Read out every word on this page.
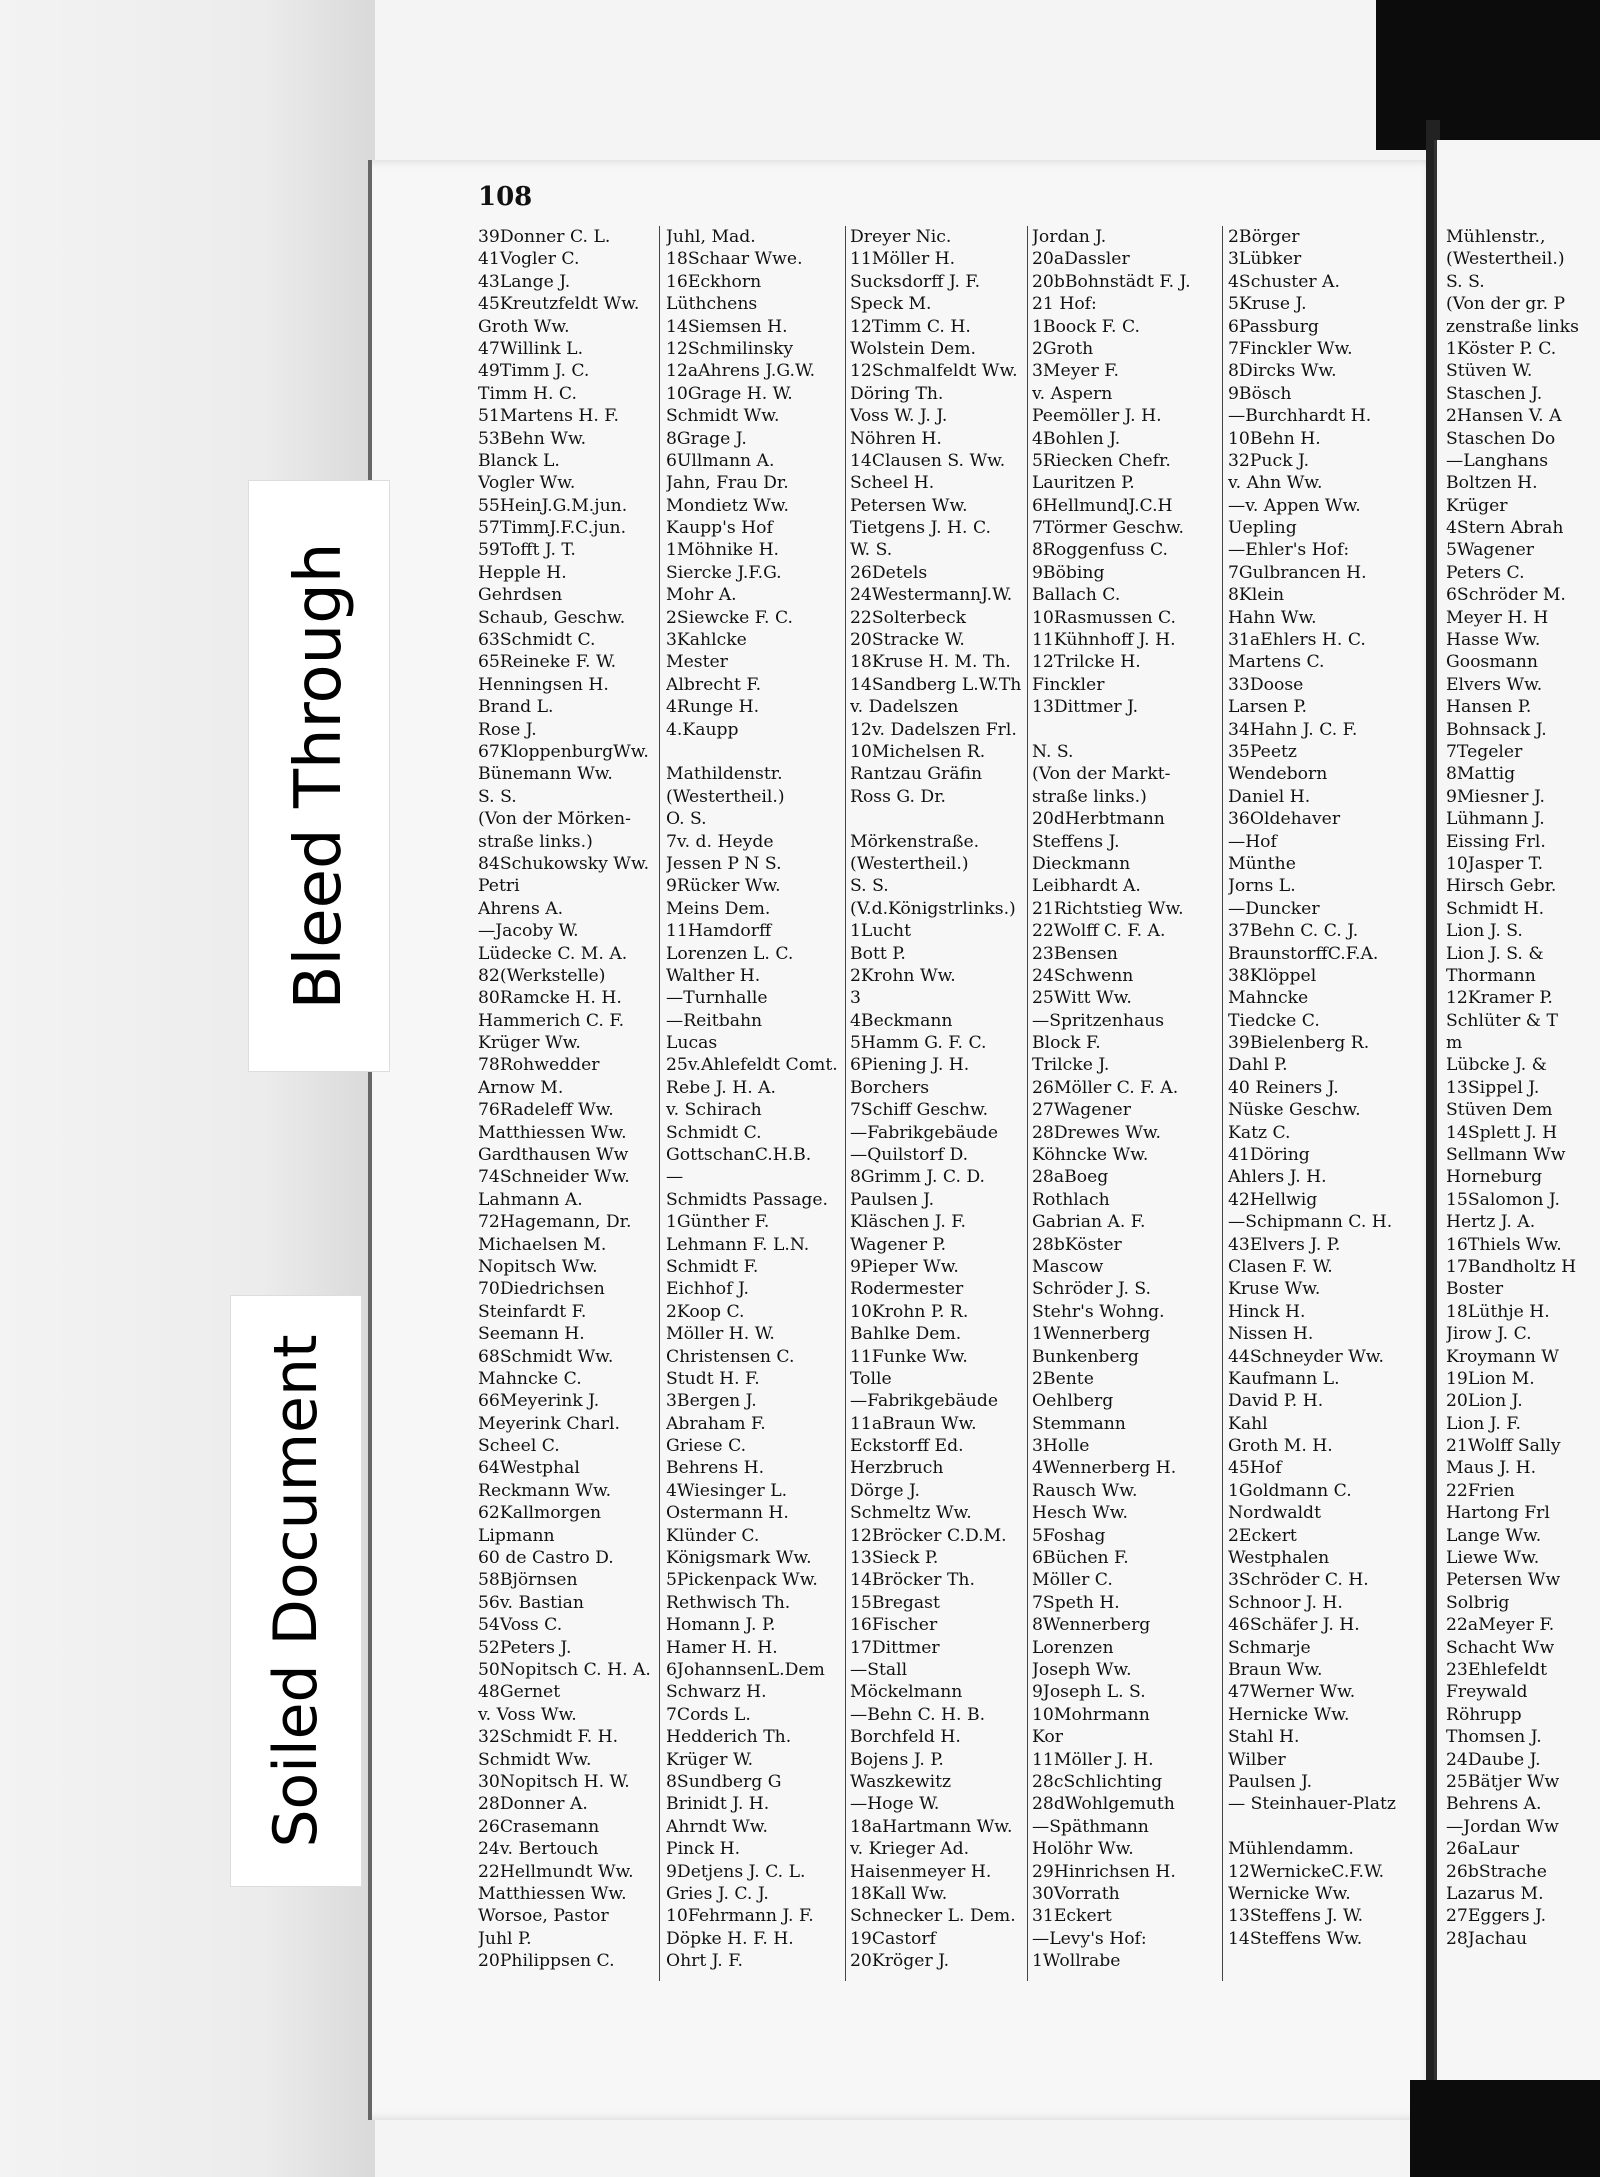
Bleed Through
Soiled Document
108
39Donner C. L.
41Vogler C.
43Lange J.
45Kreutzfeldt Ww.
Groth Ww.
47Willink L.
49Timm J. C.
Timm H. C.
51Martens H. F.
53Behn Ww.
Blanck L.
Vogler Ww.
55HeinJ.G.M.jun.
57TimmJ.F.C.jun.
59Tofft J. T.
Hepple H.
Gehrdsen
Schaub, Geschw.
63Schmidt C.
65Reineke F. W.
Henningsen H.
Brand L.
Rose J.
67KloppenburgWw.
Bünemann Ww.
S. S.
(Von der Mörken-
straße links.)
84Schukowsky Ww.
Petri
Ahrens A.
—Jacoby W.
Lüdecke C. M. A.
82(Werkstelle)
80Ramcke H. H.
Hammerich C. F.
Krüger Ww.
78Rohwedder
Arnow M.
76Radeleff Ww.
Matthiessen Ww.
Gardthausen Ww
74Schneider Ww.
Lahmann A.
72Hagemann, Dr.
Michaelsen M.
Nopitsch Ww.
70Diedrichsen
Steinfardt F.
Seemann H.
68Schmidt Ww.
Mahncke C.
66Meyerink J.
Meyerink Charl.
Scheel C.
64Westphal
Reckmann Ww.
62Kallmorgen
Lipmann
60 de Castro D.
58Björnsen
56v. Bastian
54Voss C.
52Peters J.
50Nopitsch C. H. A.
48Gernet
v. Voss Ww.
32Schmidt F. H.
Schmidt Ww.
30Nopitsch H. W.
28Donner A.
26Crasemann
24v. Bertouch
22Hellmundt Ww.
Matthiessen Ww.
Worsoe, Pastor
Juhl P.
20Philippsen C.
Juhl, Mad.
18Schaar Wwe.
16Eckhorn
Lüthchens
14Siemsen H.
12Schmilinsky
12aAhrens J.G.W.
10Grage H. W.
Schmidt Ww.
8Grage J.
6Ullmann A.
Jahn, Frau Dr.
Mondietz Ww.
Kaupp's Hof
1Möhnike H.
Siercke J.F.G.
Mohr A.
2Siewcke F. C.
3Kahlcke
Mester
Albrecht F.
4Runge H.
4.Kaupp
Mathildenstr.
(Westertheil.)
O. S.
7v. d. Heyde
Jessen P N S.
9Rücker Ww.
Meins Dem.
11Hamdorff
Lorenzen L. C.
Walther H.
—Turnhalle
—Reitbahn
Lucas
25v.Ahlefeldt Comt.
Rebe J. H. A.
v. Schirach
Schmidt C.
GottschanC.H.B.
—
Schmidts Passage.
1Günther F.
Lehmann F. L.N.
Schmidt F.
Eichhof J.
2Koop C.
Möller H. W.
Christensen C.
Studt H. F.
3Bergen J.
Abraham F.
Griese C.
Behrens H.
4Wiesinger L.
Ostermann H.
Klünder C.
Königsmark Ww.
5Pickenpack Ww.
Rethwisch Th.
Homann J. P.
Hamer H. H.
6JohannsenL.Dem
Schwarz H.
7Cords L.
Hedderich Th.
Krüger W.
8Sundberg G
Brinidt J. H.
Ahrndt Ww.
Pinck H.
9Detjens J. C. L.
Gries J. C. J.
10Fehrmann J. F.
Döpke H. F. H.
Ohrt J. F.
Dreyer Nic.
11Möller H.
Sucksdorff J. F.
Speck M.
12Timm C. H.
Wolstein Dem.
12Schmalfeldt Ww.
Döring Th.
Voss W. J. J.
Nöhren H.
14Clausen S. Ww.
Scheel H.
Petersen Ww.
Tietgens J. H. C.
W. S.
26Detels
24WestermannJ.W.
22Solterbeck
20Stracke W.
18Kruse H. M. Th.
14Sandberg L.W.Th
v. Dadelszen
12v. Dadelszen Frl.
10Michelsen R.
Rantzau Gräfin
Ross G. Dr.
Mörkenstraße.
(Westertheil.)
S. S.
(V.d.Königstrlinks.)
1Lucht
Bott P.
2Krohn Ww.
3
4Beckmann
5Hamm G. F. C.
6Piening J. H.
Borchers
7Schiff Geschw.
—Fabrikgebäude
—Quilstorf D.
8Grimm J. C. D.
Paulsen J.
Kläschen J. F.
Wagener P.
9Pieper Ww.
Rodermester
10Krohn P. R.
Bahlke Dem.
11Funke Ww.
Tolle
—Fabrikgebäude
11aBraun Ww.
Eckstorff Ed.
Herzbruch
Dörge J.
Schmeltz Ww.
12Bröcker C.D.M.
13Sieck P.
14Bröcker Th.
15Bregast
16Fischer
17Dittmer
—Stall
Möckelmann
—Behn C. H. B.
Borchfeld H.
Bojens J. P.
Waszkewitz
—Hoge W.
18aHartmann Ww.
v. Krieger Ad.
Haisenmeyer H.
18Kall Ww.
Schnecker L. Dem.
19Castorf
20Kröger J.
Jordan J.
20aDassler
20bBohnstädt F. J.
21 Hof:
1Boock F. C.
2Groth
3Meyer F.
v. Aspern
Peemöller J. H.
4Bohlen J.
5Riecken Chefr.
Lauritzen P.
6HellmundJ.C.H
7Törmer Geschw.
8Roggenfuss C.
9Böbing
Ballach C.
10Rasmussen C.
11Kühnhoff J. H.
12Trilcke H.
Finckler
13Dittmer J.
N. S.
(Von der Markt-
straße links.)
20dHerbtmann
Steffens J.
Dieckmann
Leibhardt A.
21Richtstieg Ww.
22Wolff C. F. A.
23Bensen
24Schwenn
25Witt Ww.
—Spritzenhaus
Block F.
Trilcke J.
26Möller C. F. A.
27Wagener
28Drewes Ww.
Köhncke Ww.
28aBoeg
Rothlach
Gabrian A. F.
28bKöster
Mascow
Schröder J. S.
Stehr's Wohng.
1Wennerberg
Bunkenberg
2Bente
Oehlberg
Stemmann
3Holle
4Wennerberg H.
Rausch Ww.
Hesch Ww.
5Foshag
6Büchen F.
Möller C.
7Speth H.
8Wennerberg
Lorenzen
Joseph Ww.
9Joseph L. S.
10Mohrmann
Kor
11Möller J. H.
28cSchlichting
28dWohlgemuth
—Späthmann
Holöhr Ww.
29Hinrichsen H.
30Vorrath
31Eckert
—Levy's Hof:
1Wollrabe
2Börger
3Lübker
4Schuster A.
5Kruse J.
6Passburg
7Finckler Ww.
8Dircks Ww.
9Bösch
—Burchhardt H.
10Behn H.
32Puck J.
v. Ahn Ww.
—v. Appen Ww.
Uepling
—Ehler's Hof:
7Gulbrancen H.
8Klein
Hahn Ww.
31aEhlers H. C.
Martens C.
33Doose
Larsen P.
34Hahn J. C. F.
35Peetz
Wendeborn
Daniel H.
36Oldehaver
—Hof
Münthe
Jorns L.
—Duncker
37Behn C. C. J.
BraunstorffC.F.A.
38Klöppel
Mahncke
Tiedcke C.
39Bielenberg R.
Dahl P.
40 Reiners J.
Nüske Geschw.
Katz C.
41Döring
Ahlers J. H.
42Hellwig
—Schipmann C. H.
43Elvers J. P.
Clasen F. W.
Kruse Ww.
Hinck H.
Nissen H.
44Schneyder Ww.
Kaufmann L.
David P. H.
Kahl
Groth M. H.
45Hof
1Goldmann C.
Nordwaldt
2Eckert
Westphalen
3Schröder C. H.
Schnoor J. H.
46Schäfer J. H.
Schmarje
Braun Ww.
47Werner Ww.
Hernicke Ww.
Stahl H.
Wilber
Paulsen J.
— Steinhauer-Platz
Mühlendamm.
12WernickeC.F.W.
Wernicke Ww.
13Steffens J. W.
14Steffens Ww.
Mühlenstr.,
(Westertheil.)
S. S.
(Von der gr. P
zenstraße links
1Köster P. C.
Stüven W.
Staschen J.
2Hansen V. A
Staschen Do
—Langhans
Boltzen H.
Krüger
4Stern Abrah
5Wagener
Peters C.
6Schröder M.
Meyer H. H
Hasse Ww.
Goosmann
Elvers Ww.
Hansen P.
Bohnsack J.
7Tegeler
8Mattig
9Miesner J.
Lühmann J.
Eissing Frl.
10Jasper T.
Hirsch Gebr.
Schmidt H.
Lion J. S.
Lion J. S. &
Thormann
12Kramer P.
Schlüter & T
m
Lübcke J. &
13Sippel J.
Stüven Dem
14Splett J. H
Sellmann Ww
Horneburg
15Salomon J.
Hertz J. A.
16Thiels Ww.
17Bandholtz H
Boster
18Lüthje H.
Jirow J. C.
Kroymann W
19Lion M.
20Lion J.
Lion J. F.
21Wolff Sally
Maus J. H.
22Frien
Hartong Frl
Lange Ww.
Liewe Ww.
Petersen Ww
Solbrig
22aMeyer F.
Schacht Ww
23Ehlefeldt
Freywald
Röhrupp
Thomsen J.
24Daube J.
25Bätjer Ww
Behrens A.
—Jordan Ww
26aLaur
26bStrache
Lazarus M.
27Eggers J.
28Jachau
